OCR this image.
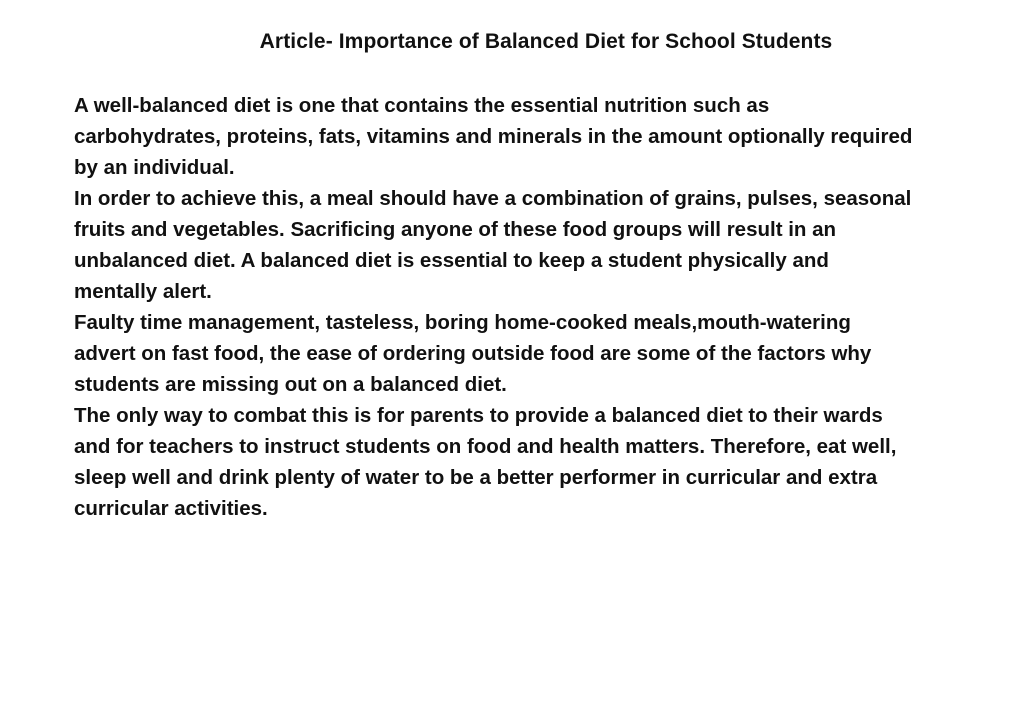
Article- Importance of Balanced Diet for School Students

A well-balanced diet is one that contains the essential nutrition such as
carbohydrates, proteins, fats, vitamins and minerals in the amount optionally required
by an individual.

In order to achieve this, a meal should have a combination of grains, pulses, seasonal
fruits and vegetables. Sacrificing anyone of these food groups will result in an
unbalanced diet. A balanced diet is essential to keep a student physically and
mentally alert.

Faulty time management, tasteless, boring home-cooked meals,mouth-watering
advert on fast food, the ease of ordering outside food are some of the factors why
students are missing out on a balanced diet.

The only way to combat this is for parents to provide a balanced diet to their wards
and for teachers to instruct students on food and health matters. Therefore, eat well,
sleep well and drink plenty of water to be a better performer in curricular and extra
curricular activities.
